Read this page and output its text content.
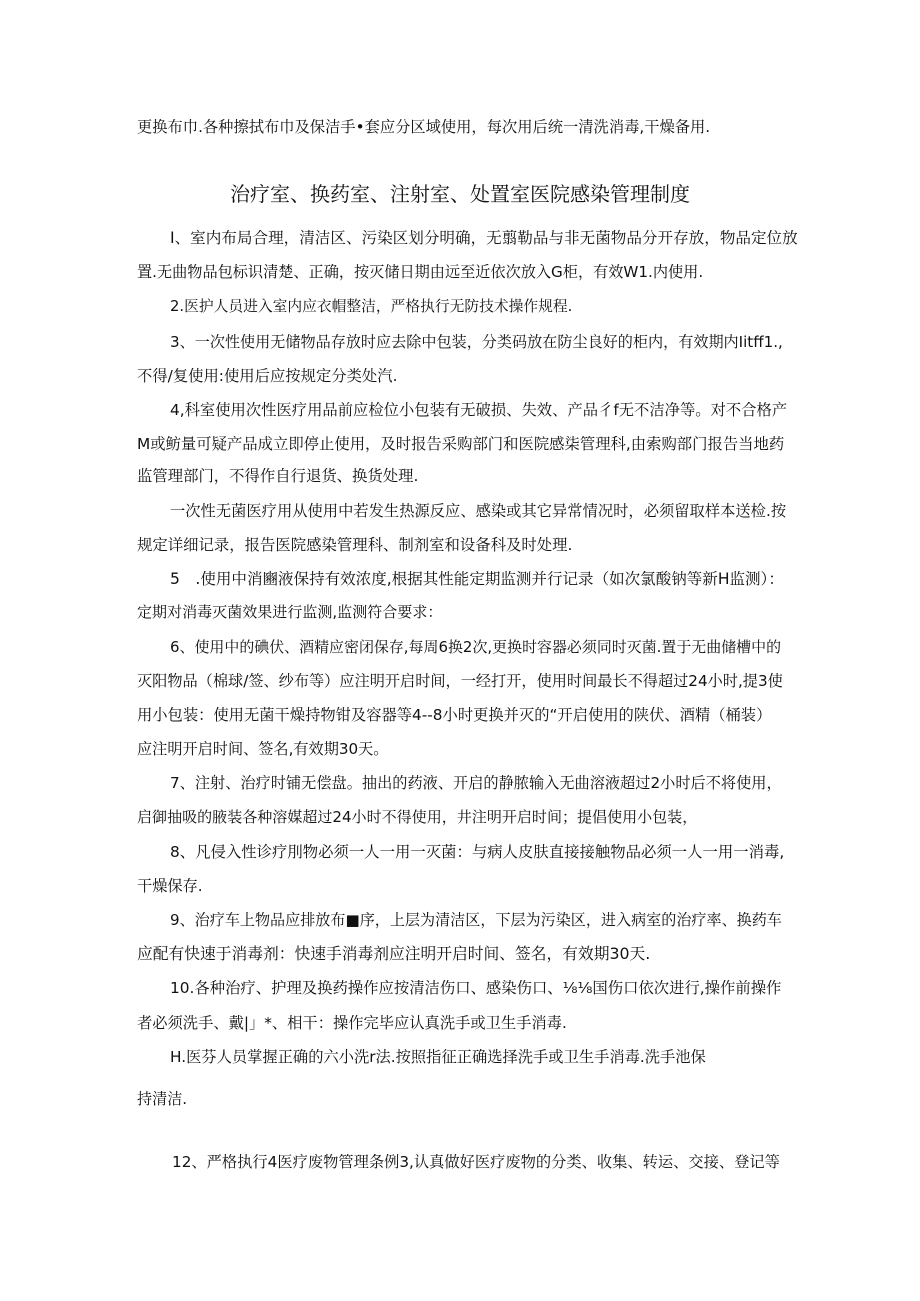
更换布巾.各种擦拭布巾及保洁手•套应分区域使用，每次用后统一清洗消毒,干燥备用.
治疗室、换药室、注射室、处置室医院感染管理制度
I、室内布局合理，清洁区、污染区划分明确，无翦勒品与非无菌物品分开存放，物品定位放
置.无曲物品包标识清楚、正确，按灭储日期由远至近依次放入G柜，有效W1.内使用.
2.医护人员进入室内应衣帽整洁，严格执行无防技术操作规程.
3、一次性使用无储物品存放时应去除中包装，分类码放在防尘良好的柜内，有效期内Iitff1.,
不得/复使用:使用后应按规定分类处汽.
4,科室使用次性医疗用品前应检位小包装有无破损、失效、产品彳f无不洁净等。对不合格产
M或鲂量可疑产品成立即停止使用，及时报告采购部门和医院感柒管理科,由索购部门报告当地药
监管理部门，不得作自行退货、换货处理.
一次性无菌医疗用从使用中若发生热源反应、感染或其它异常情况时，必须留取样本送检.按
规定详细记录，报告医院感染管理科、制剂室和设备科及时处理.
5　.使用中消豳液保持有效浓度,根据其性能定期监测并行记录（如次氯酸钠等新H监测）：
定期对消毒灭菌效果进行监测,监测符合要求：
6、使用中的碘伏、酒精应密闭保存,每周6换2次,更换时容器必须同时灭菌.置于无曲储槽中的
灭阳物品（棉球/签、纱布等）应注明开启时间，一经打开，使用时间最长不得超过24小时,提3使
用小包装：使用无菌干燥持物钳及容器等4--8小时更换并灭的“开启使用的陕伏、酒精（桶装）
应注明开启时间、签名,有效期30天。
7、注射、治疗时铺无偿盘。抽出的药液、开启的静脓输入无曲溶液超过2小时后不将使用，
启御抽吸的腋装各种溶媒超过24小时不得使用，井注明开启时间；提倡使用小包装，
8、凡侵入性诊疗刖物必须一人一用一灭菌：与病人皮肤直接接触物品必须一人一用一消毒,
干燥保存.
9、治疗车上物品应排放布■序，上层为清洁区，下层为污染区，进入病室的治疗率、换药车
应配有快速于消毒剂：快速手消毒剂应注明开启时间、签名，有效期30天.
10.各种治疗、护理及换药操作应按清洁伤口、感染伤口、⅛⅛国伤口依次进行,操作前操作
者必须洗手、戴|」*、相干：操作完毕应认真洗手或卫生手消毒.
H.医芬人员掌握正确的六小洗r法.按照指征正确选择洗手或卫生手消毒.洗手池保
持清洁.
12、严格执行4医疗废物管理条例3,认真做好医疗废物的分类、收集、转运、交接、登记等
